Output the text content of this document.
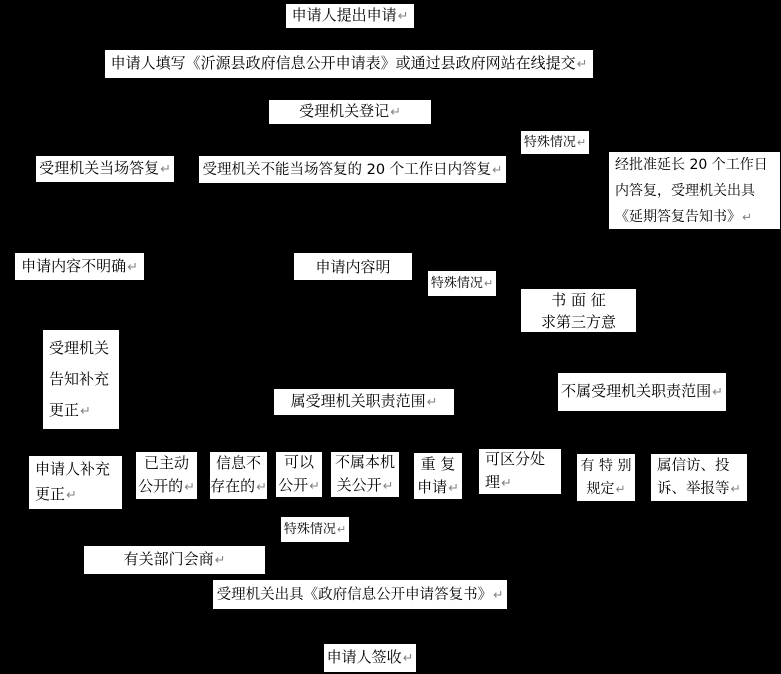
申请人提出申请↵
申请人填写《沂源县政府信息公开申请表》或通过县政府网站在线提交↵
受理机关登记↵
特殊情况↵
受理机关当场答复↵ 受理机关不能当场答复的 20 个工作日内答复↵	经批准延长 20 个工作日
内答复，受理机关出具
《延期答复告知书》↵
申请内容不明确↵	申请内容明
特殊情况↵
书 面 征
求第三方意
受理机关
告知补充
更正↵
属受理机关职责范围↵
不属受理机关职责范围↵
申请人补充
更正↵
已主动
公开的↵
信息不
存在的↵
可以
公开↵
不属本机
关公开↵
重 复
申请↵
可区分处
理↵
有 特 别
规定↵
属信访、投
诉、举报等↵
特殊情况↵
有关部门会商↵
受理机关出具《政府信息公开申请答复书》↵
申请人签收↵
